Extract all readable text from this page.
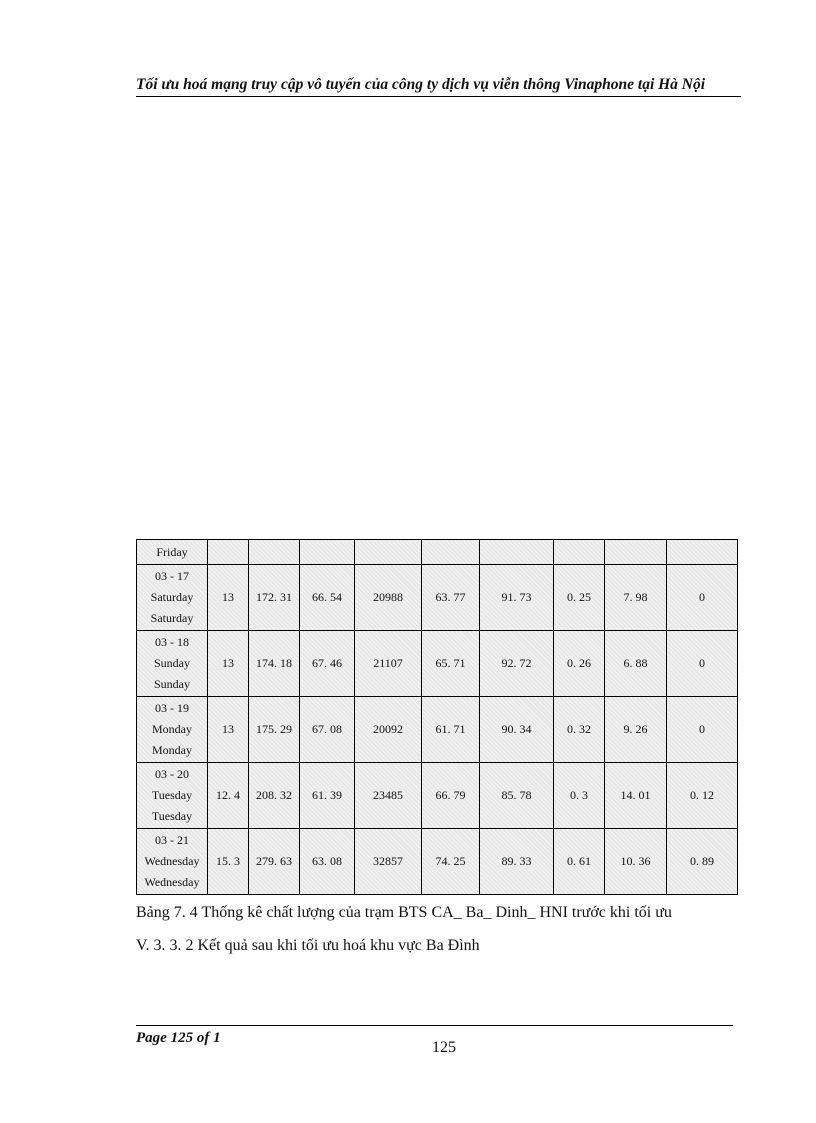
Tối ưu hoá mạng truy cập vô tuyến của công ty dịch vụ viễn thông Vinaphone tại Hà Nội
Friday									

03 - 17
Saturday
Saturday	13	172. 31	66. 54	20988	63. 77	91. 73	0. 25	7. 98	0

03 - 18
Sunday
Sunday	13	174. 18	67. 46	21107	65. 71	92. 72	0. 26	6. 88	0

03 - 19
Monday
Monday	13	175. 29	67. 08	20092	61. 71	90. 34	0. 32	9. 26	0

03 - 20
Tuesday
Tuesday	12. 4	208. 32	61. 39	23485	66. 79	85. 78	0. 3	14. 01	0. 12

03 - 21
Wednesday
Wednesday	15. 3	279. 63	63. 08	32857	74. 25	89. 33	0. 61	10. 36	0. 89
Bảng 7. 4 Thống kê chất lượng của trạm BTS CA_ Ba_ Dinh_ HNI trước khi tối ưu
V. 3. 3. 2 Kết quả sau khi tối ưu hoá khu vực Ba Đình
Page 125 of 1
125
